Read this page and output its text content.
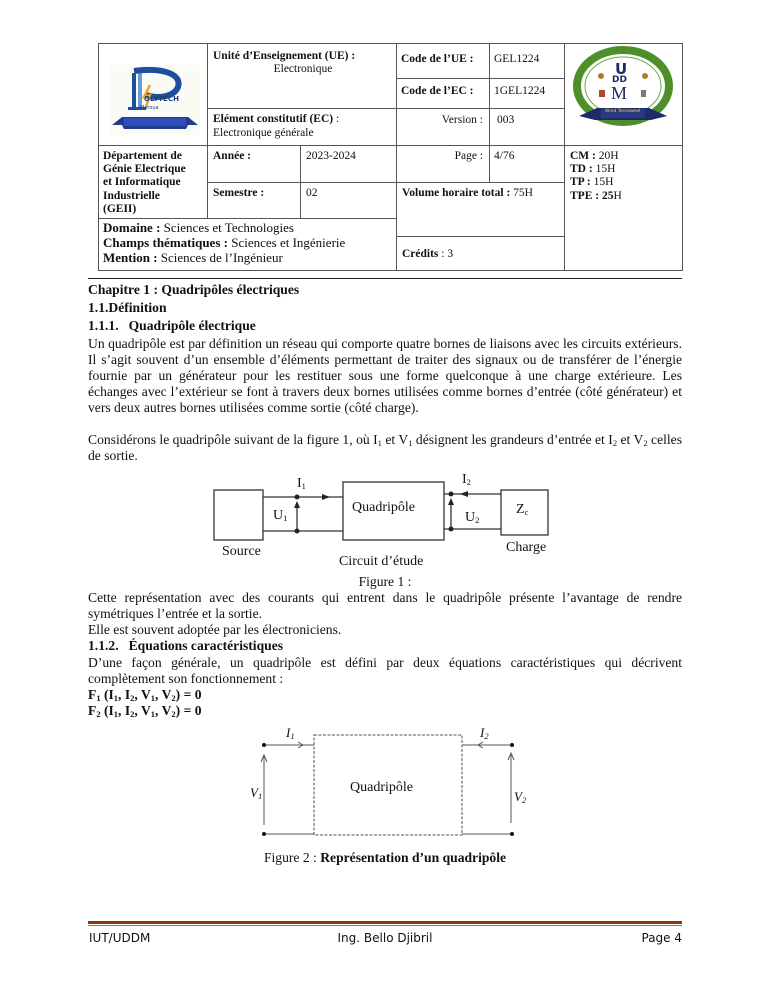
OLYTECH
Maroua
Unité d’Enseignement (UE) :
Electronique
Code de l’UE : GEL1224
Code de l’EC : 1GEL1224
Elément constitutif (EC) :
Electronique générale
Version : 003
U
DD
M
Wind Ternaweel
Département de
Génie Electrique
et Informatique
Industrielle
(GEII)
Année :	2023-2024	Page : 4/76	CM : 20H
TD : 15H
TP : 15H
TPE : 25H
Semestre :	02	Volume horaire total : 75H
Domaine : Sciences et Technologies
Champs thématiques : Sciences et Ingénierie
Mention : Sciences de l’Ingénieur	Crédits : 3
Chapitre 1 : Quadripôles électriques
1.1.Définition
1.1.1. Quadripôle électrique
Un quadripôle est par définition un réseau qui comporte quatre bornes de liaisons avec les circuits extérieurs. Il s’agit souvent d’un ensemble d’éléments permettant de traiter des signaux ou de transférer de l’énergie fournie par un générateur pour les restituer sous une forme quelconque à une charge extérieure. Les échanges avec l’extérieur se font à travers deux bornes utilisées comme bornes d’entrée (côté générateur) et vers deux autres bornes utilisées comme sortie (côté charge).
Considérons le quadripôle suivant de la figure 1, où $I_1$ et $V_1$ désignent les grandeurs d’entrée et $I_2$ et $V_2$ celles de sortie.
$I_1$	$I_2$
$U_1$	$U_2$
Quadripôle	$Z_c$
Source
Circuit d’étude
Charge
Figure 1 :
Cette représentation avec des courants qui entrent dans le quadripôle présente l’avantage de rendre symétriques l’entrée et la sortie.
Elle est souvent adoptée par les électroniciens.
1.1.2. Équations caractéristiques
D’une façon générale, un quadripôle est défini par deux équations caractéristiques qui décrivent complètement son fonctionnement :
$F_1$ ($I_1$, $I_2$, $V_1$, $V_2) = 0$
$F_2$ ($I_1$, $I_2$, $V_1$, $V_2) = 0$
$I_1$	$I_2$
$V_1$	$V_2$
Quadripôle
Figure 2 : Représentation d’un quadripôle
IUT/UDDM	Ing. Bello Djibril	Page 4
